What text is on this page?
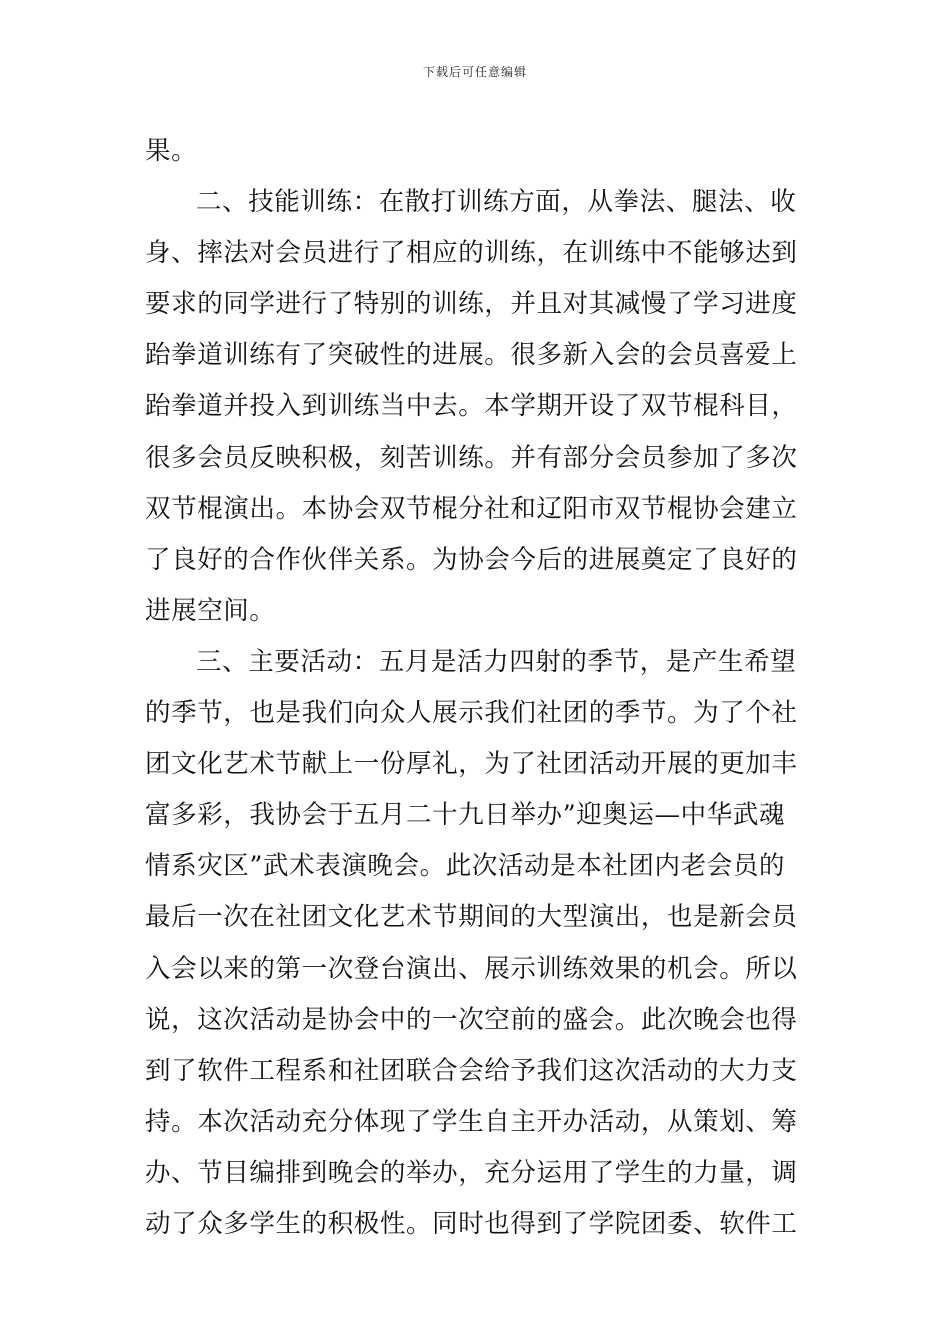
下载后可任意编辑
果。
二、技能训练：在散打训练方面，从拳法、腿法、收
身、摔法对会员进行了相应的训练，在训练中不能够达到
要求的同学进行了特别的训练，并且对其减慢了学习进度
跆拳道训练有了突破性的进展。很多新入会的会员喜爱上
跆拳道并投入到训练当中去。本学期开设了双节棍科目，
很多会员反映积极，刻苦训练。并有部分会员参加了多次
双节棍演出。本协会双节棍分社和辽阳市双节棍协会建立
了良好的合作伙伴关系。为协会今后的进展奠定了良好的
进展空间。
三、主要活动：五月是活力四射的季节，是产生希望
的季节，也是我们向众人展示我们社团的季节。为了个社
团文化艺术节献上一份厚礼，为了社团活动开展的更加丰
富多彩，我协会于五月二十九日举办”迎奥运—中华武魂
情系灾区”武术表演晚会。此次活动是本社团内老会员的
最后一次在社团文化艺术节期间的大型演出，也是新会员
入会以来的第一次登台演出、展示训练效果的机会。所以
说，这次活动是协会中的一次空前的盛会。此次晚会也得
到了软件工程系和社团联合会给予我们这次活动的大力支
持。本次活动充分体现了学生自主开办活动，从策划、筹
办、节目编排到晚会的举办，充分运用了学生的力量，调
动了众多学生的积极性。同时也得到了学院团委、软件工
